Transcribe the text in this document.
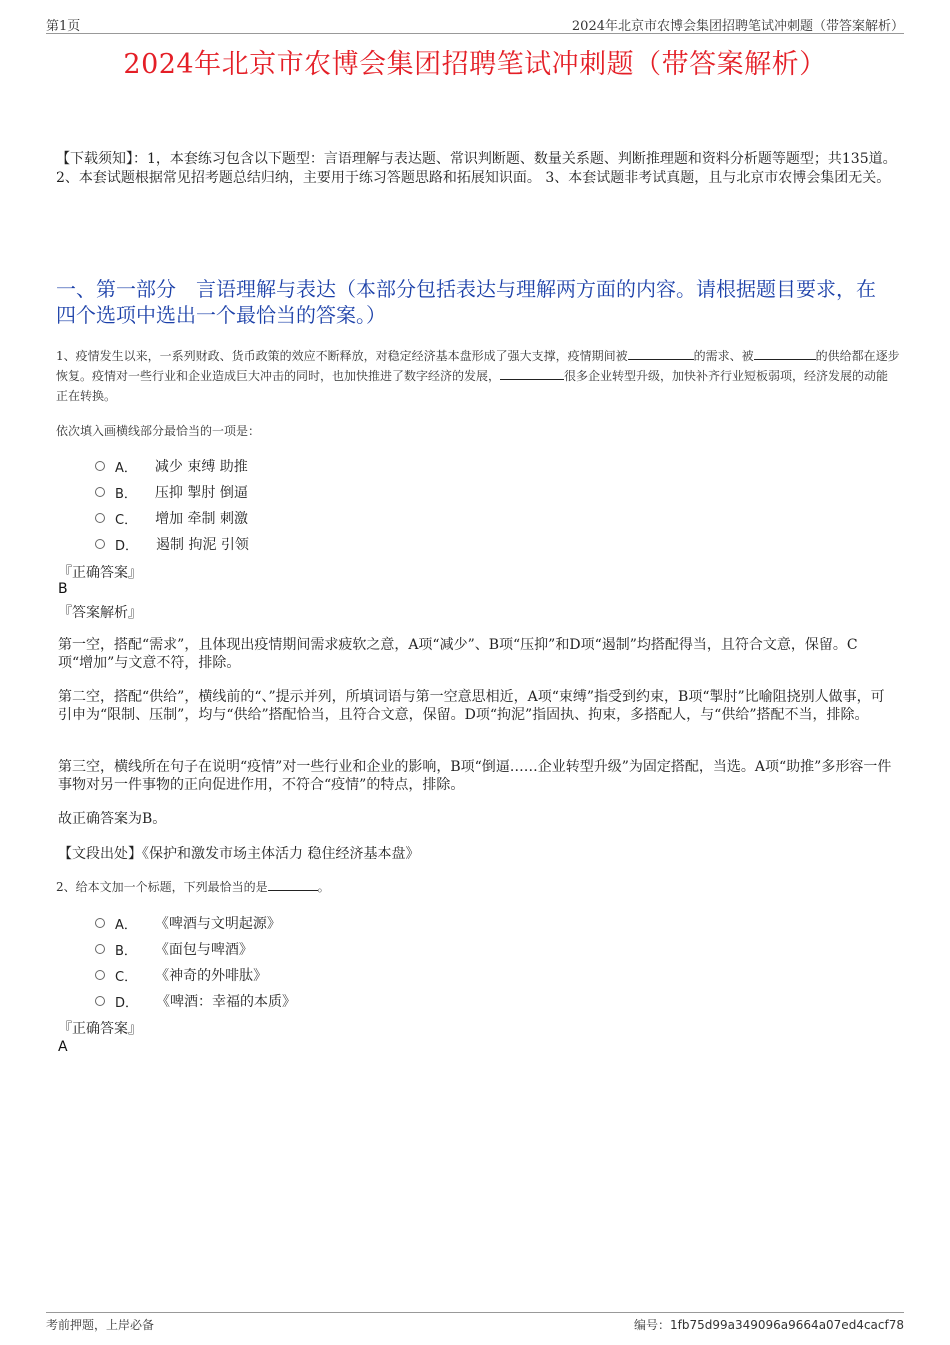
第1页	2024年北京市农博会集团招聘笔试冲刺题（带答案解析）
2024年北京市农博会集团招聘笔试冲刺题（带答案解析）
【下载须知】：1，本套练习包含以下题型：言语理解与表达题、常识判断题、数量关系题、判断推理题和资料分析题等题型；共135道。 2、本套试题根据常见招考题总结归纳，主要用于练习答题思路和拓展知识面。 3、本套试题非考试真题，且与北京市农博会集团无关。
一、第一部分　言语理解与表达（本部分包括表达与理解两方面的内容。请根据题目要求，在四个选项中选出一个最恰当的答案。）
1、疫情发生以来，一系列财政、货币政策的效应不断释放，对稳定经济基本盘形成了强大支撑，疫情期间被	的需求、被	的供给都在逐步恢复。疫情对一些行业和企业造成巨大冲击的同时，也加快推进了数字经济的发展，	很多企业转型升级，加快补齐行业短板弱项，经济发展的动能正在转换。
依次填入画横线部分最恰当的一项是：
A． 减少 束缚 助推
B． 压抑 掣肘 倒逼
C． 增加 牵制 刺激
D． 遏制 拘泥 引领
『正确答案』
B
『答案解析』
第一空，搭配“需求”，且体现出疫情期间需求疲软之意，A项“减少”、B项“压抑”和D项“遏制”均搭配得当，且符合文意，保留。C项“增加”与文意不符，排除。
第二空，搭配“供给”，横线前的“、”提示并列，所填词语与第一空意思相近，A项“束缚”指受到约束，B项“掣肘”比喻阻挠别人做事，可引申为“限制、压制”，均与“供给”搭配恰当，且符合文意，保留。D项“拘泥”指固执、拘束，多搭配人，与“供给”搭配不当，排除。
第三空，横线所在句子在说明“疫情”对一些行业和企业的影响，B项“倒逼……企业转型升级”为固定搭配，当选。A项“助推”多形容一件事物对另一件事物的正向促进作用，不符合“疫情”的特点，排除。
故正确答案为B。
【文段出处】《保护和激发市场主体活力 稳住经济基本盘》
2、给本文加一个标题，下列最恰当的是	。
A． 《啤酒与文明起源》
B． 《面包与啤酒》
C． 《神奇的外啡肽》
D． 《啤酒：幸福的本质》
『正确答案』
A
考前押题，上岸必备	编号：1fb75d99a349096a9664a07ed4cacf78
